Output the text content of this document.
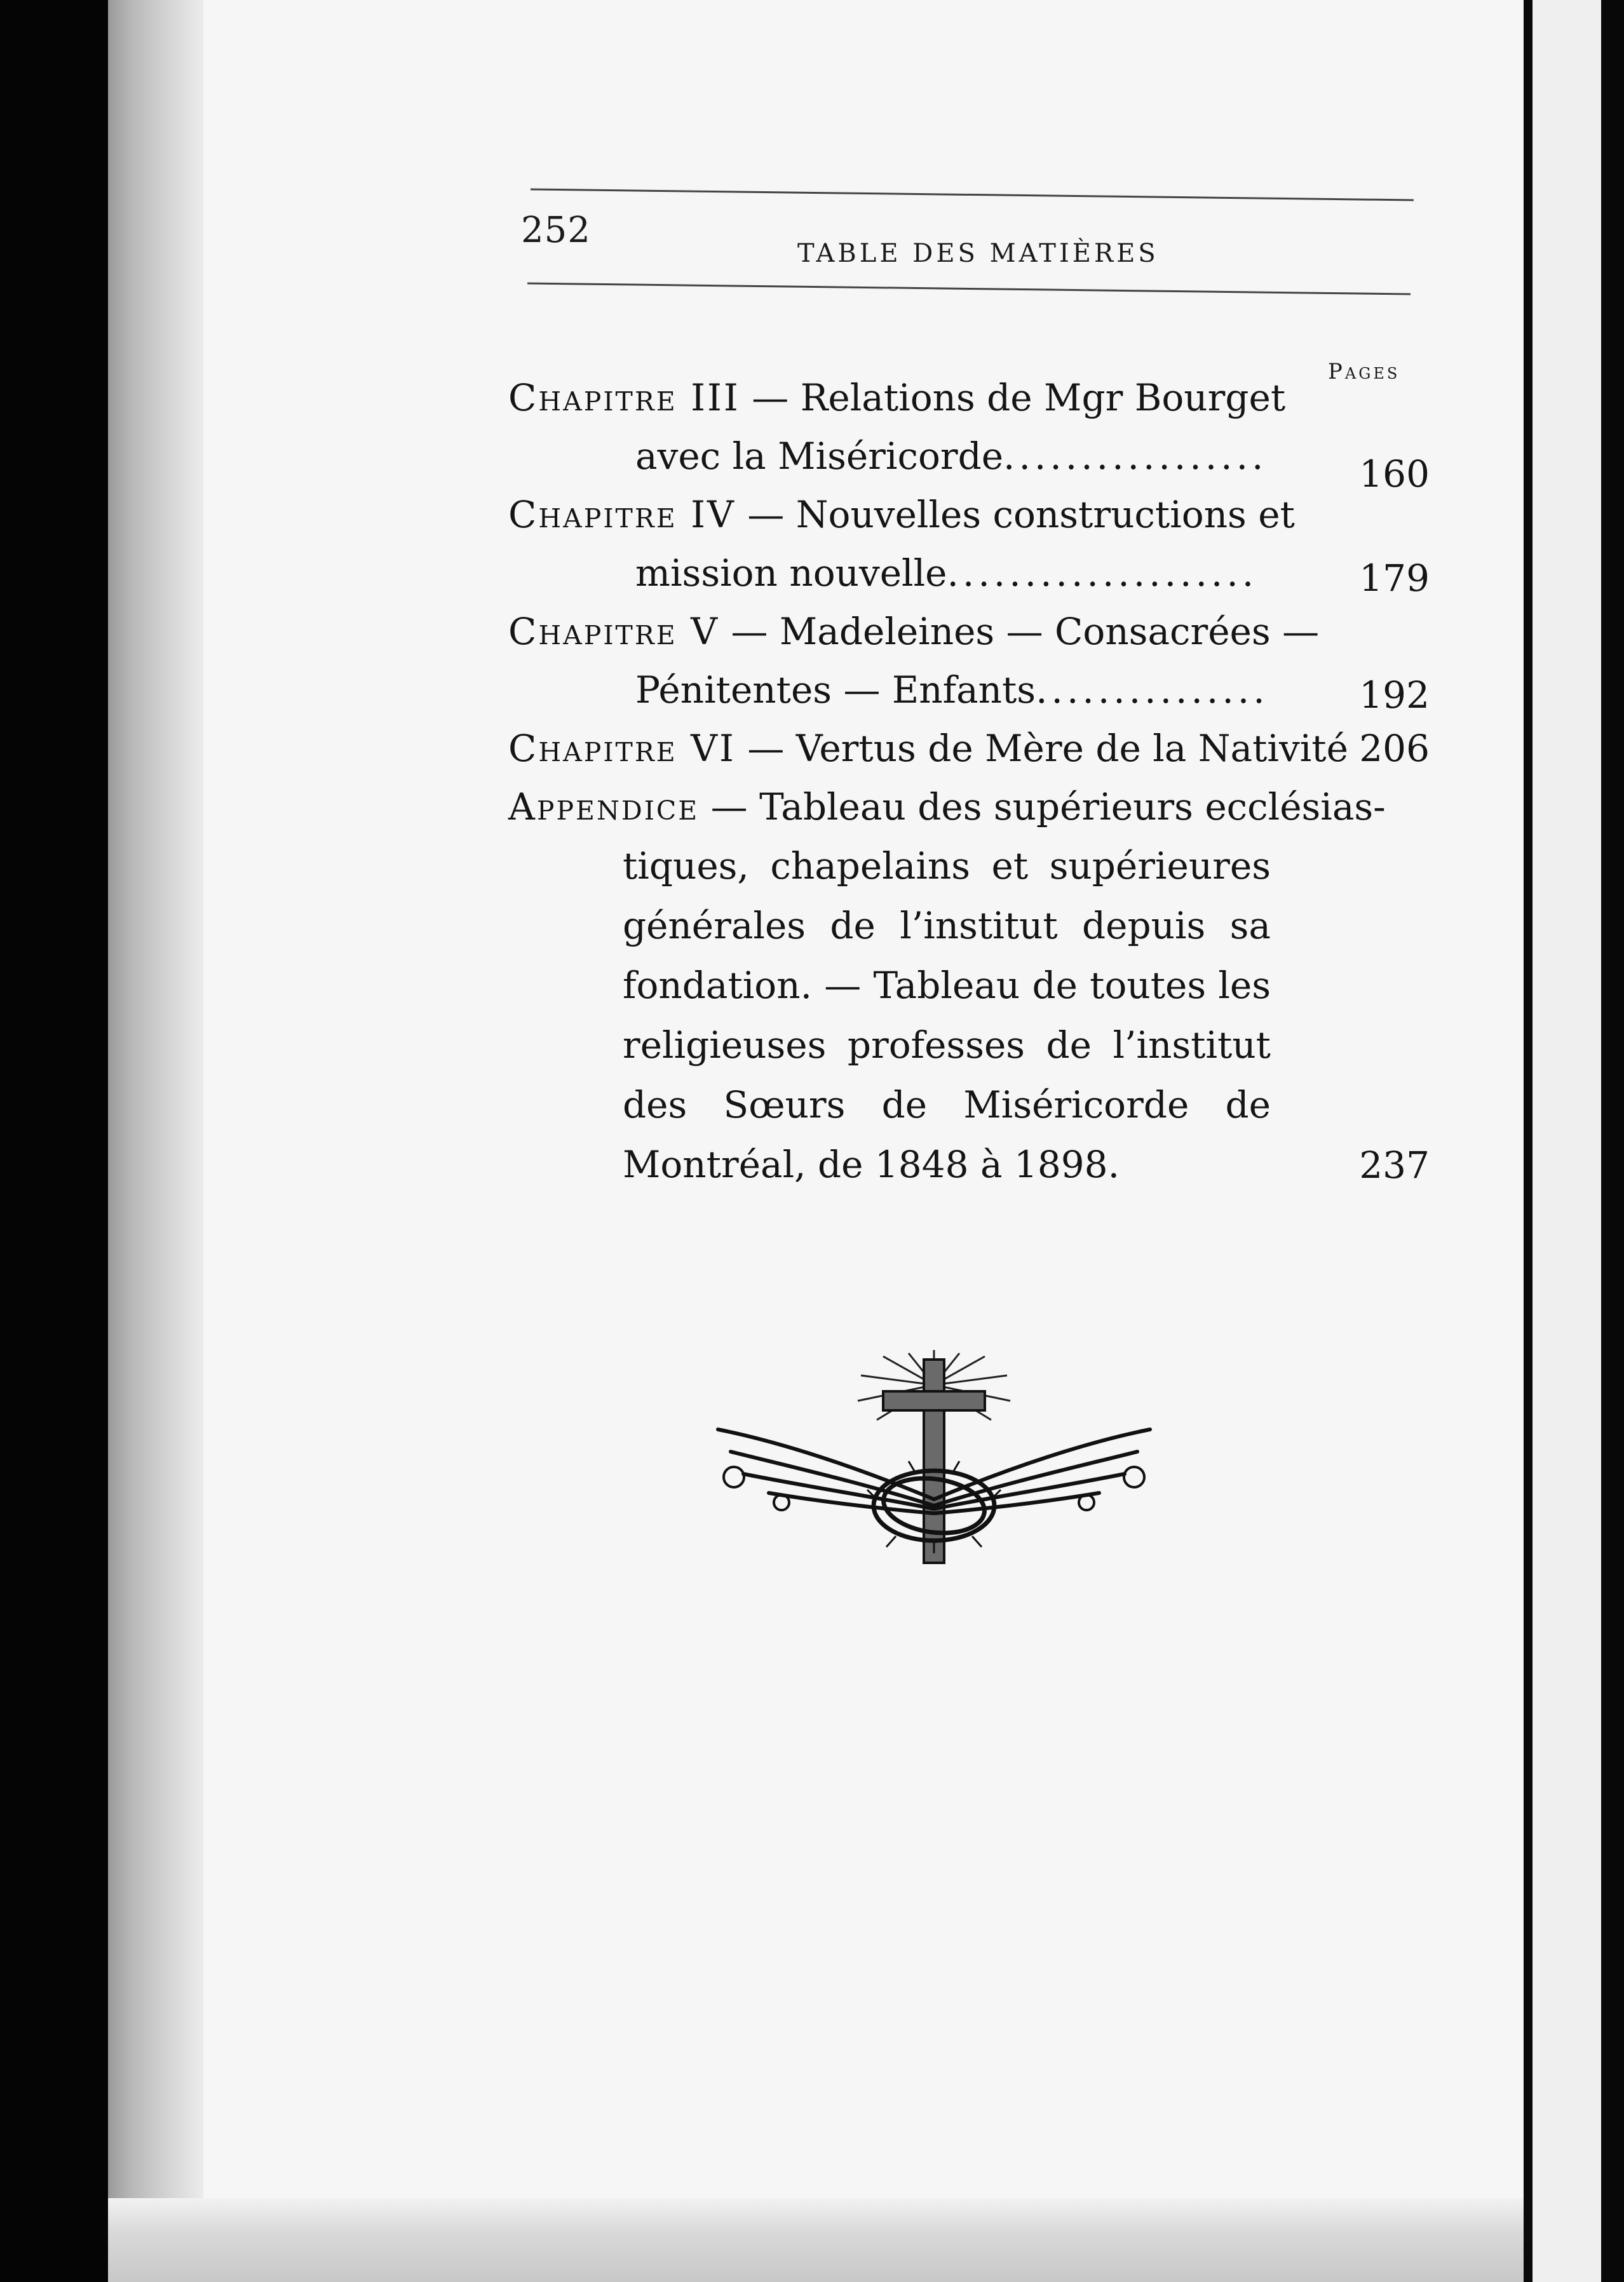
252
TABLE DES MATIÈRES
Pages
Chapitre III — Relations de Mgr Bourget
avec la Miséricorde.................	160
Chapitre IV — Nouvelles constructions et
mission nouvelle....................	179
Chapitre V — Madeleines — Consacrées —
Pénitentes — Enfants...............	192
Chapitre VI — Vertus de Mère de la Nativité 206
Appendice — Tableau des supérieurs ecclésias-
tiques, chapelains et supérieures générales de l’institut depuis sa fondation. — Tableau de toutes les religieuses professes de l’institut des Sœurs de Miséricorde de Montréal, de 1848 à 1898.	237
